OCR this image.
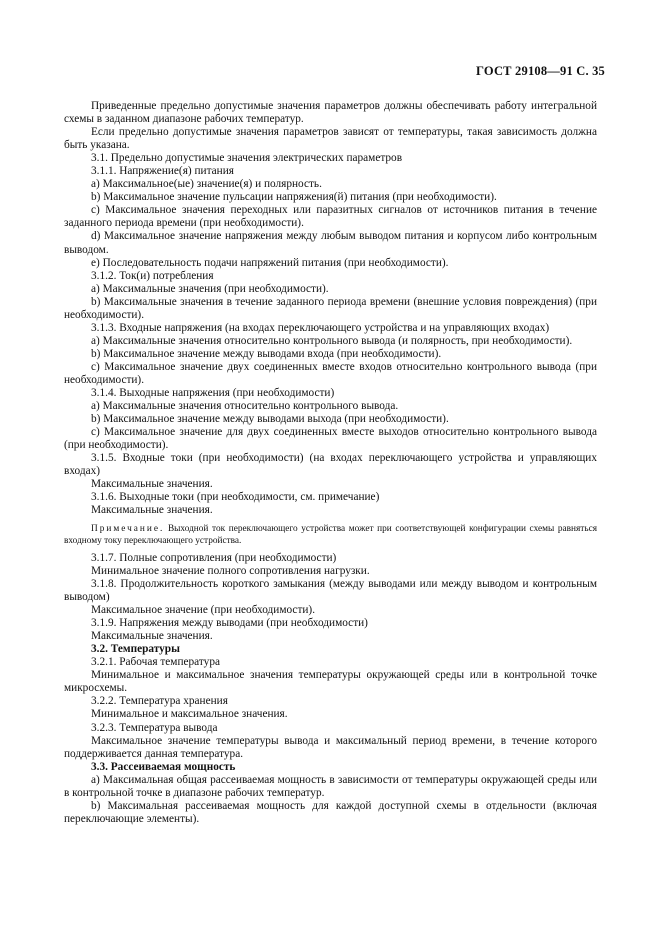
ГОСТ 29108—91 С. 35

Приведенные предельно допустимые значения параметров должны обеспечивать работу интегральной схемы в заданном диапазоне рабочих температур.

Если предельно допустимые значения параметров зависят от температуры, такая зависимость должна быть указана.

3.1. Предельно допустимые значения электрических параметров

3.1.1. Напряжение(я) питания

a) Максимальное(ые) значение(я) и полярность.

b) Максимальное значение пульсации напряжения(й) питания (при необходимости).

c) Максимальное значения переходных или паразитных сигналов от источников питания в течение заданного периода времени (при необходимости).

d) Максимальное значение напряжения между любым выводом питания и корпусом либо контрольным выводом.

e) Последовательность подачи напряжений питания (при необходимости).

3.1.2. Ток(и) потребления

a) Максимальные значения (при необходимости).

b) Максимальные значения в течение заданного периода времени (внешние условия повреждения) (при необходимости).

3.1.3. Входные напряжения (на входах переключающего устройства и на управляющих входах)

a) Максимальные значения относительно контрольного вывода (и полярность, при необходимости).

b) Максимальное значение между выводами входа (при необходимости).

c) Максимальное значение двух соединенных вместе входов относительно контрольного вывода (при необходимости).

3.1.4. Выходные напряжения (при необходимости)

a) Максимальные значения относительно контрольного вывода.

b) Максимальное значение между выводами выхода (при необходимости).

c) Максимальное значение для двух соединенных вместе выходов относительно контрольного вывода (при необходимости).

3.1.5. Входные токи (при необходимости) (на входах переключающего устройства и управляющих входах)

Максимальные значения.

3.1.6. Выходные токи (при необходимости, см. примечание)

Максимальные значения.

Примечание. Выходной ток переключающего устройства может при соответствующей конфигурации схемы равняться входному току переключающего устройства.

3.1.7. Полные сопротивления (при необходимости)

Минимальное значение полного сопротивления нагрузки.

3.1.8. Продолжительность короткого замыкания (между выводами или между выводом и контрольным выводом)

Максимальное значение (при необходимости).

3.1.9. Напряжения между выводами (при необходимости)

Максимальные значения.

3.2. Температуры

3.2.1. Рабочая температура

Минимальное и максимальное значения температуры окружающей среды или в контрольной точке микросхемы.

3.2.2. Температура хранения

Минимальное и максимальное значения.

3.2.3. Температура вывода

Максимальное значение температуры вывода и максимальный период времени, в течение которого поддерживается данная температура.

3.3. Рассеиваемая мощность

a) Максимальная общая рассеиваемая мощность в зависимости от температуры окружающей среды или в контрольной точке в диапазоне рабочих температур.

b) Максимальная рассеиваемая мощность для каждой доступной схемы в отдельности (включая переключающие элементы).
